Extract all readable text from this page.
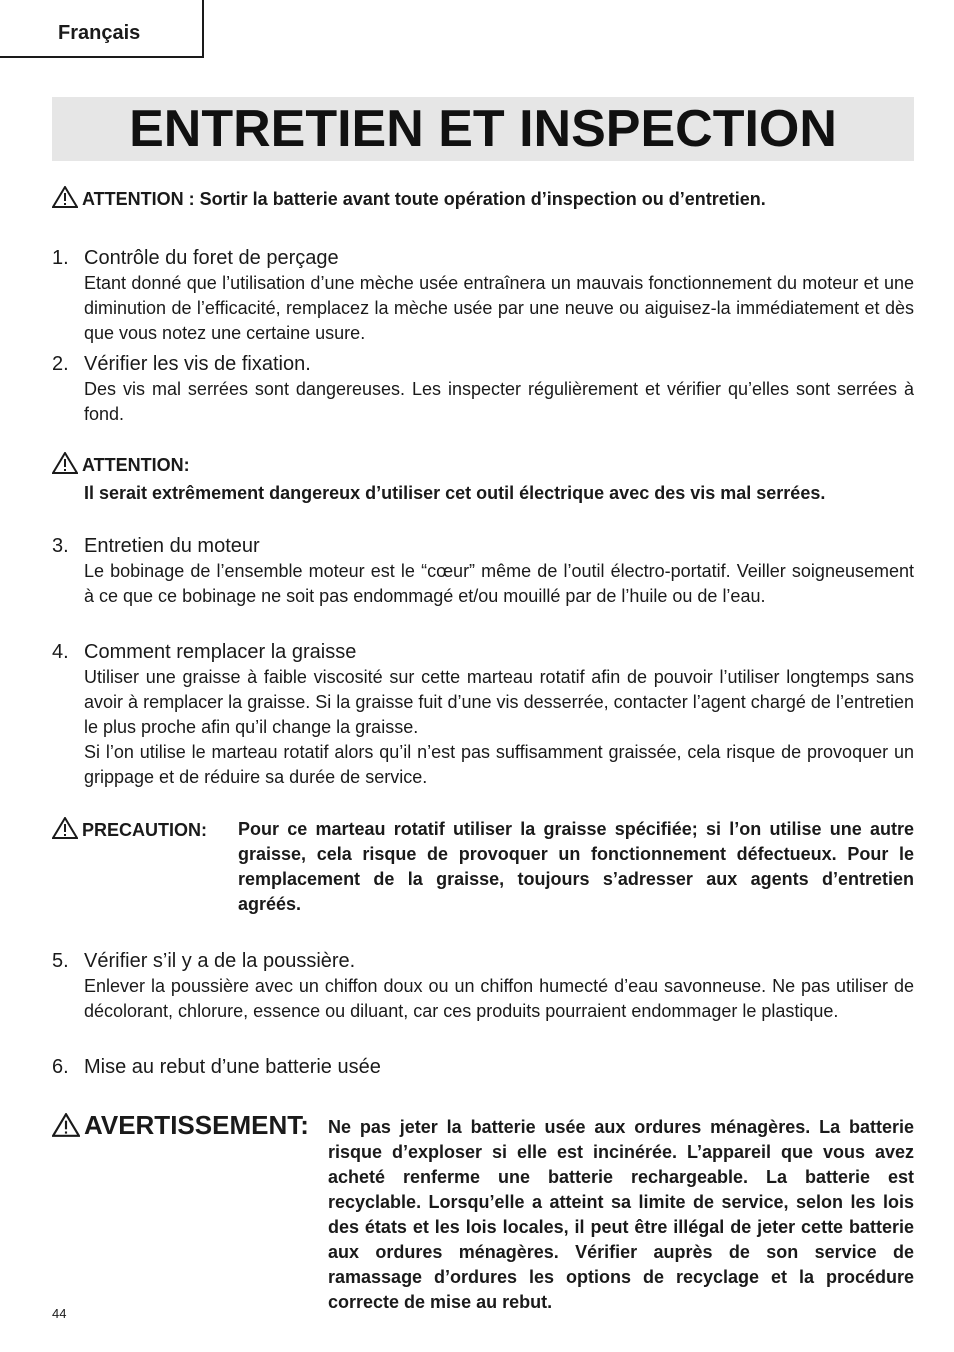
Français
ENTRETIEN ET INSPECTION
ATTENTION : Sortir la batterie avant toute opération d’inspection ou d’entretien.
1. Contrôle du foret de perçage
Etant donné que l’utilisation d’une mèche usée entraînera un mauvais fonctionnement du moteur et une diminution de l’efficacité, remplacez la mèche usée par une neuve ou aiguisez-la immédiatement et dès que vous notez une certaine usure.
2. Vérifier les vis de fixation.
Des vis mal serrées sont dangereuses. Les inspecter régulièrement et vérifier qu’elles sont serrées à fond.
ATTENTION:
Il serait extrêmement dangereux d’utiliser cet outil électrique avec des vis mal serrées.
3. Entretien du moteur
Le bobinage de l’ensemble moteur est le “cœur” même de l’outil électro-portatif. Veiller soigneusement à ce que ce bobinage ne soit pas endommagé et/ou mouillé par de l’huile ou de l’eau.
4. Comment remplacer la graisse
Utiliser une graisse à faible viscosité sur cette marteau rotatif afin de pouvoir l’utiliser longtemps sans avoir à remplacer la graisse. Si la graisse fuit d’une vis desserrée, contacter l’agent chargé de l’entretien le plus proche afin qu’il change la graisse.
Si l’on utilise le marteau rotatif alors qu’il n’est pas suffisamment graissée, cela risque de provoquer un grippage et de réduire sa durée de service.
PRECAUTION: Pour ce marteau rotatif utiliser la graisse spécifiée; si l’on utilise une autre graisse, cela risque de provoquer un fonctionnement défectueux. Pour le remplacement de la graisse, toujours s’adresser aux agents d’entretien agréés.
5. Vérifier s’il y a de la poussière.
Enlever la poussière avec un chiffon doux ou un chiffon humecté d’eau savonneuse. Ne pas utiliser de décolorant, chlorure, essence ou diluant, car ces produits pourraient endommager le plastique.
6. Mise au rebut d’une batterie usée
AVERTISSEMENT: Ne pas jeter la batterie usée aux ordures ménagères. La batterie risque d’exploser si elle est incinérée. L’appareil que vous avez acheté renferme une batterie rechargeable. La batterie est recyclable. Lorsqu’elle a atteint sa limite de service, selon les lois des états et les lois locales, il peut être illégal de jeter cette batterie aux ordures ménagères. Vérifier auprès de son service de ramassage d’ordures les options de recyclage et la procédure correcte de mise au rebut.
44
